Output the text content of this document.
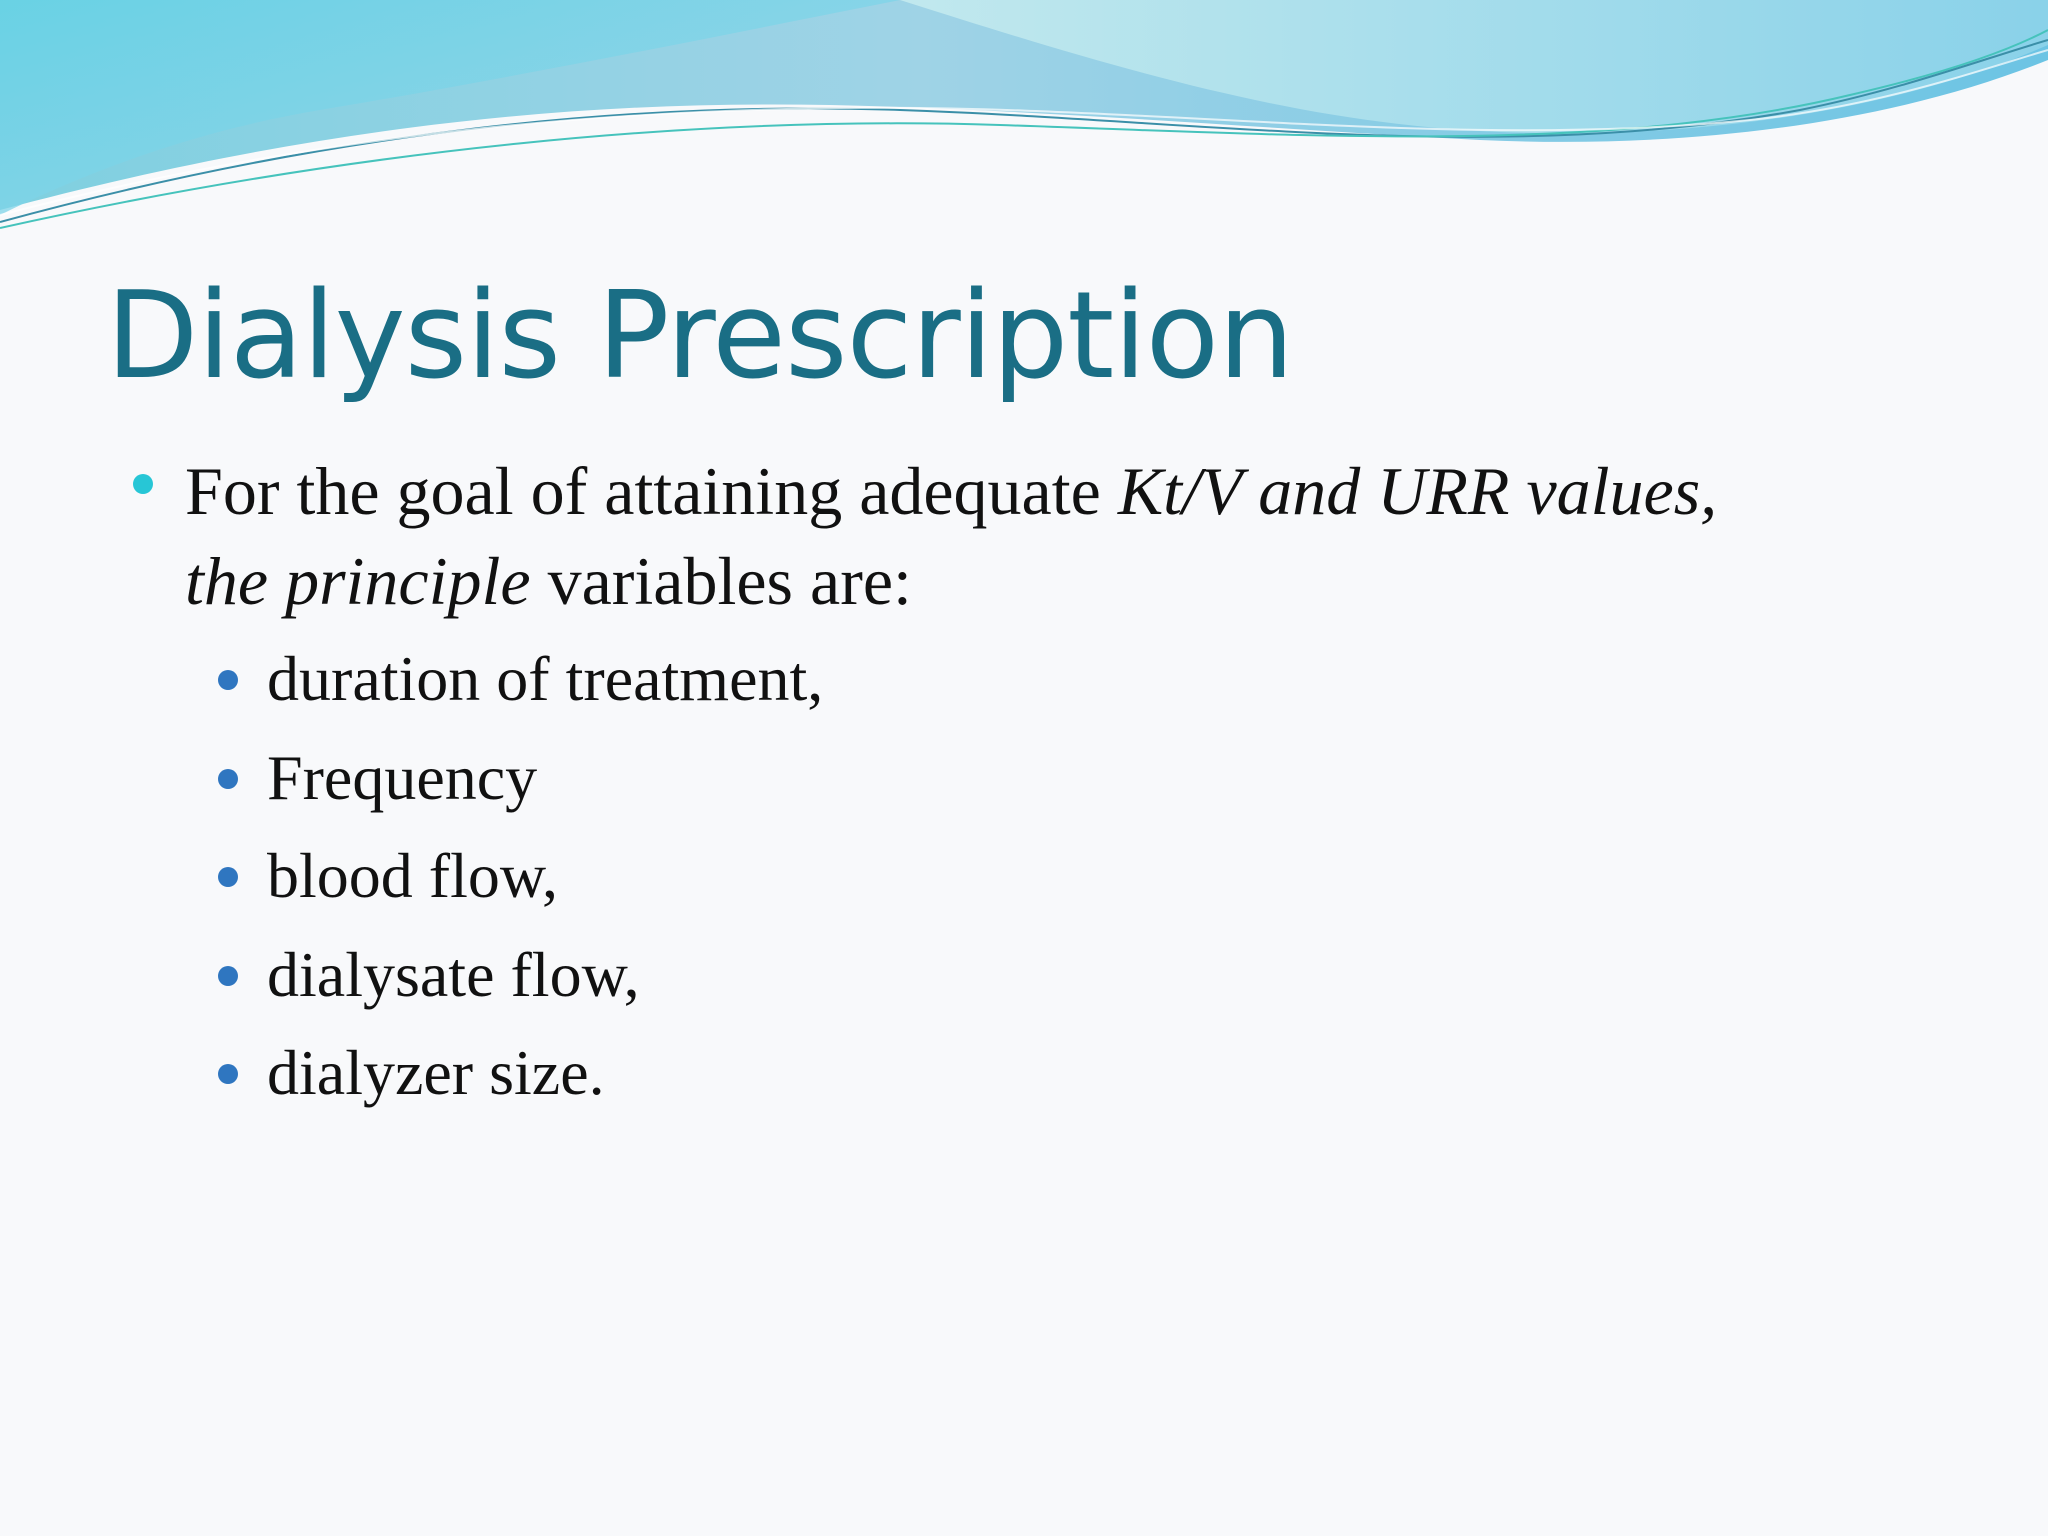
Dialysis Prescription

For the goal of attaining adequate Kt/V and URR values, the principle variables are:

duration of treatment,
Frequency
blood flow,
dialysate flow,
dialyzer size.
